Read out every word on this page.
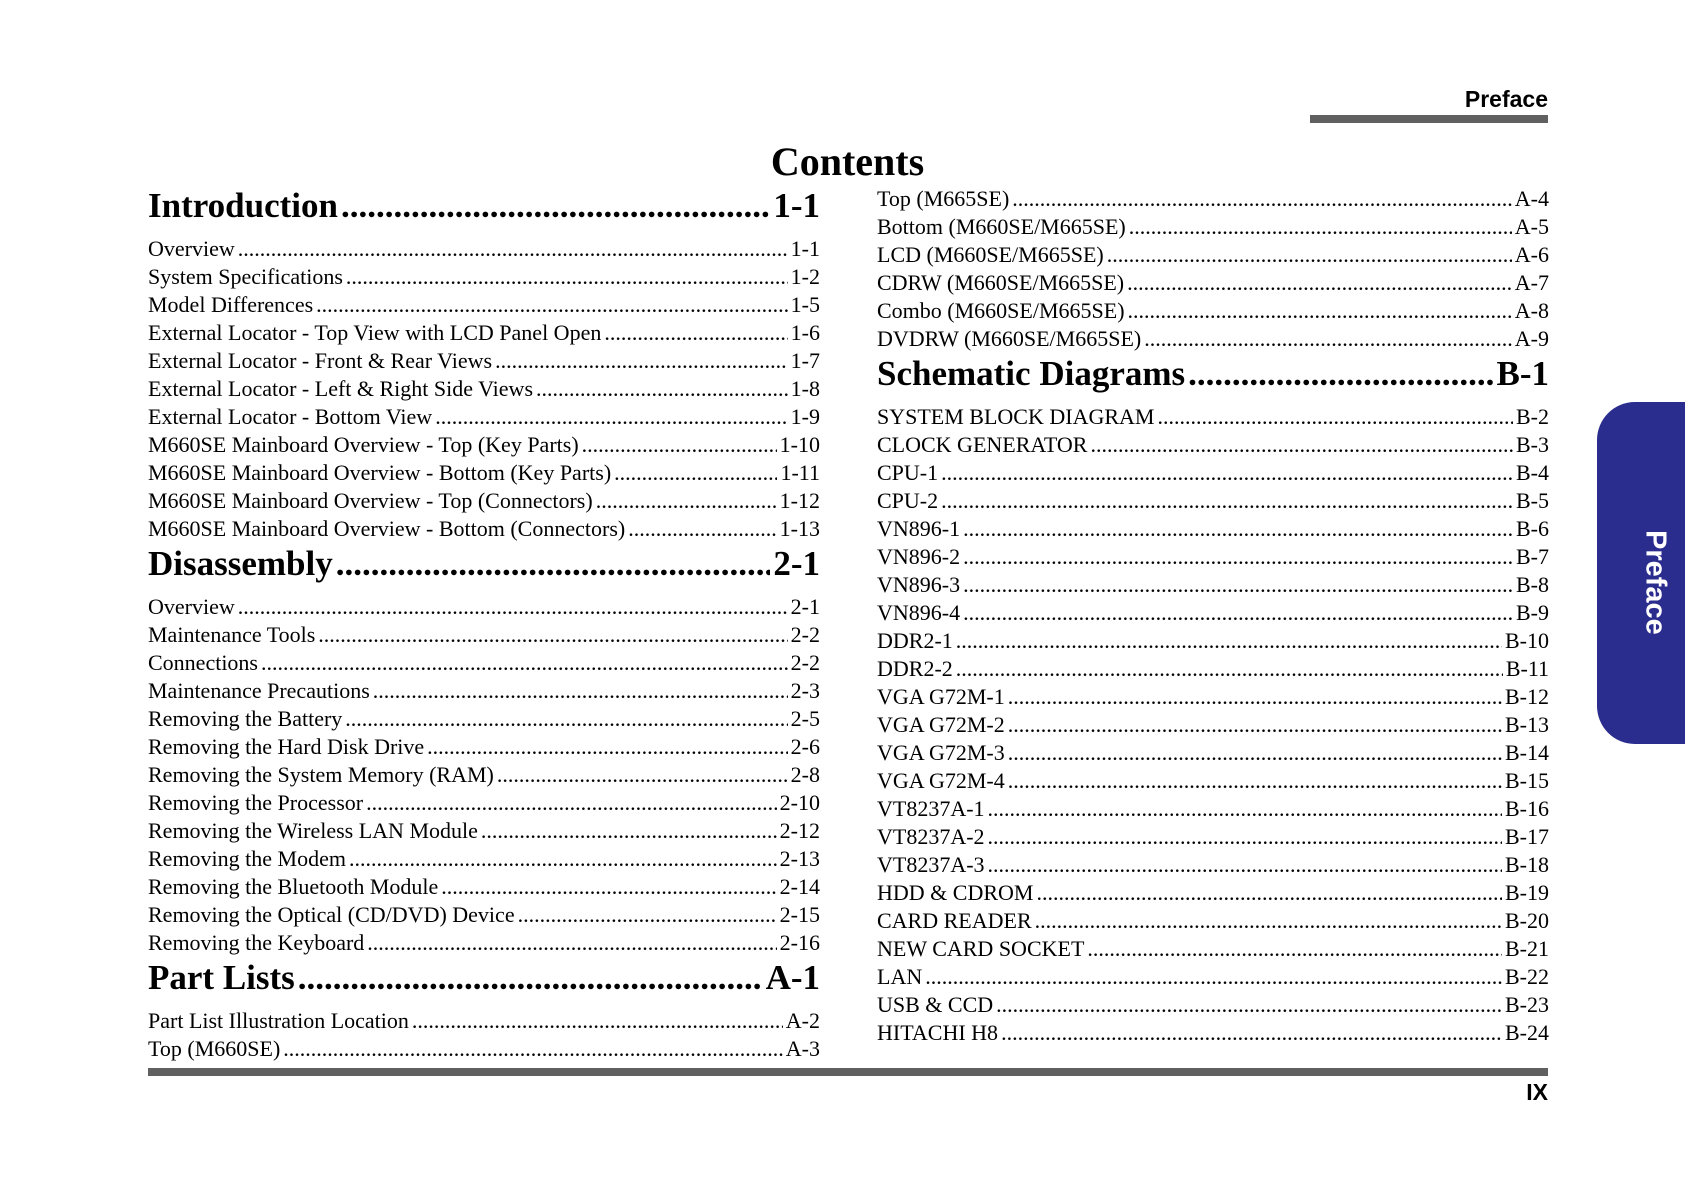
Preface
Contents
Introduction .....	1-1
Overview .....	1-1
System Specifications .....	1-2
Model Differences .....	1-5
External Locator - Top View with LCD Panel Open .....	1-6
External Locator - Front & Rear Views .....	1-7
External Locator - Left & Right Side Views .....	1-8
External Locator - Bottom View .....	1-9
M660SE Mainboard Overview - Top (Key Parts) .....	1-10
M660SE Mainboard Overview - Bottom (Key Parts) .....	1-11
M660SE Mainboard Overview - Top (Connectors) .....	1-12
M660SE Mainboard Overview - Bottom (Connectors) .....	1-13
Disassembly .....	2-1
Overview .....	2-1
Maintenance Tools .....	2-2
Connections .....	2-2
Maintenance Precautions .....	2-3
Removing the Battery .....	2-5
Removing the Hard Disk Drive .....	2-6
Removing the System Memory (RAM) .....	2-8
Removing the Processor .....	2-10
Removing the Wireless LAN Module .....	2-12
Removing the Modem .....	2-13
Removing the Bluetooth Module .....	2-14
Removing the Optical (CD/DVD) Device .....	2-15
Removing the Keyboard .....	2-16
Part Lists .....	A-1
Part List Illustration Location .....	A-2
Top (M660SE) .....	A-3
Top (M665SE) .....	A-4
Bottom (M660SE/M665SE) .....	A-5
LCD (M660SE/M665SE) .....	A-6
CDRW (M660SE/M665SE) .....	A-7
Combo (M660SE/M665SE) .....	A-8
DVDRW (M660SE/M665SE) .....	A-9
Schematic Diagrams .....	B-1
SYSTEM BLOCK DIAGRAM .....	B-2
CLOCK GENERATOR .....	B-3
CPU-1 .....	B-4
CPU-2 .....	B-5
VN896-1 .....	B-6
VN896-2 .....	B-7
VN896-3 .....	B-8
VN896-4 .....	B-9
DDR2-1 .....	B-10
DDR2-2 .....	B-11
VGA G72M-1 .....	B-12
VGA G72M-2 .....	B-13
VGA G72M-3 .....	B-14
VGA G72M-4 .....	B-15
VT8237A-1 .....	B-16
VT8237A-2 .....	B-17
VT8237A-3 .....	B-18
HDD & CDROM .....	B-19
CARD READER .....	B-20
NEW CARD SOCKET .....	B-21
LAN .....	B-22
USB & CCD .....	B-23
HITACHI H8 .....	B-24
IX
Preface
